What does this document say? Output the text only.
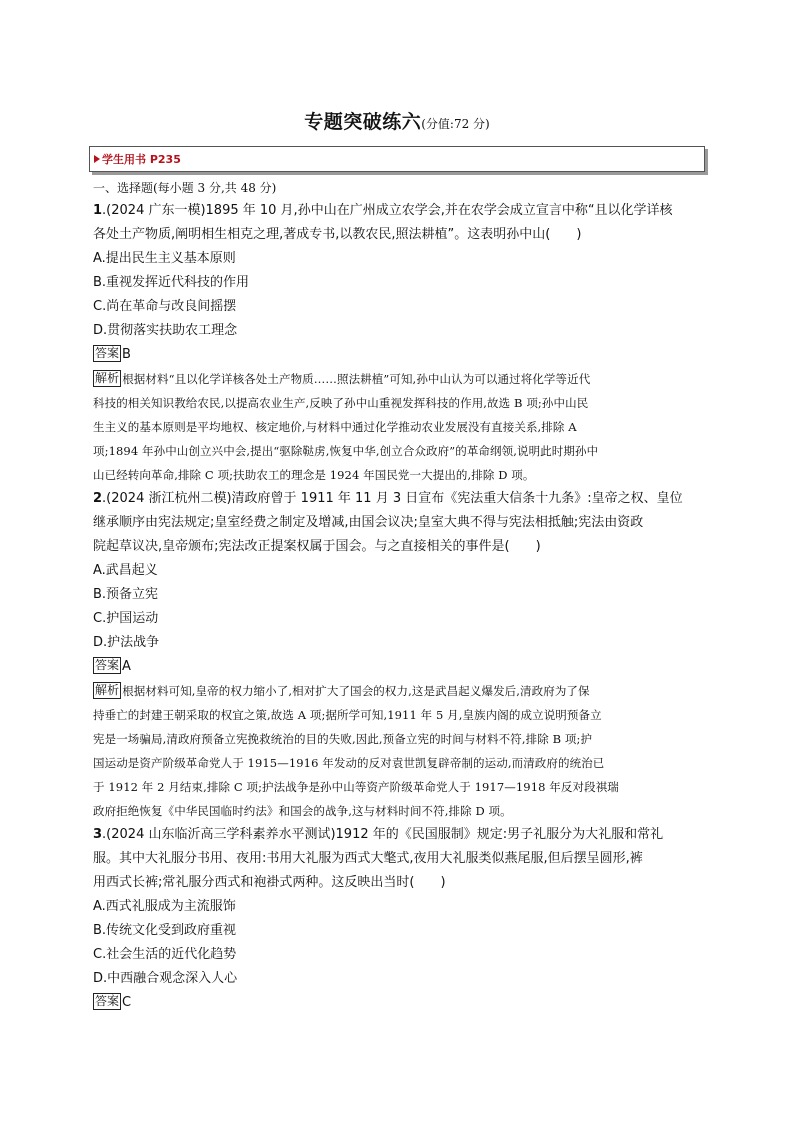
专题突破练六(分值:72 分)
学生用书 P235
一、选择题(每小题 3 分,共 48 分)
1.(2024 广东一模)1895 年 10 月,孙中山在广州成立农学会,并在农学会成立宣言中称“且以化学详核
各处土产物质,阐明相生相克之理,著成专书,以教农民,照法耕植”。这表明孙中山(　　)
A.提出民生主义基本原则
B.重视发挥近代科技的作用
C.尚在革命与改良间摇摆
D.贯彻落实扶助农工理念
答案 B
解析 根据材料“且以化学详核各处土产物质……照法耕植”可知,孙中山认为可以通过将化学等近代
科技的相关知识教给农民,以提高农业生产,反映了孙中山重视发挥科技的作用,故选 B 项;孙中山民
生主义的基本原则是平均地权、核定地价,与材料中通过化学推动农业发展没有直接关系,排除 A
项;1894 年孙中山创立兴中会,提出“驱除鞑虏,恢复中华,创立合众政府”的革命纲领,说明此时期孙中
山已经转向革命,排除 C 项;扶助农工的理念是 1924 年国民党一大提出的,排除 D 项。
2.(2024 浙江杭州二模)清政府曾于 1911 年 11 月 3 日宣布《宪法重大信条十九条》:皇帝之权、皇位
继承顺序由宪法规定;皇室经费之制定及增减,由国会议决;皇室大典不得与宪法相抵触;宪法由资政
院起草议决,皇帝颁布;宪法改正提案权属于国会。与之直接相关的事件是(　　)
A.武昌起义
B.预备立宪
C.护国运动
D.护法战争
答案 A
解析 根据材料可知,皇帝的权力缩小了,相对扩大了国会的权力,这是武昌起义爆发后,清政府为了保
持垂亡的封建王朝采取的权宜之策,故选 A 项;据所学可知,1911 年 5 月,皇族内阁的成立说明预备立
宪是一场骗局,清政府预备立宪挽救统治的目的失败,因此,预备立宪的时间与材料不符,排除 B 项;护
国运动是资产阶级革命党人于 1915—1916 年发动的反对袁世凯复辟帝制的运动,而清政府的统治已
于 1912 年 2 月结束,排除 C 项;护法战争是孙中山等资产阶级革命党人于 1917—1918 年反对段祺瑞
政府拒绝恢复《中华民国临时约法》和国会的战争,这与材料时间不符,排除 D 项。
3.(2024 山东临沂高三学科素养水平测试)1912 年的《民国服制》规定:男子礼服分为大礼服和常礼
服。其中大礼服分书用、夜用:书用大礼服为西式大氅式,夜用大礼服类似燕尾服,但后摆呈圆形,裤
用西式长裤;常礼服分西式和袍褂式两种。这反映出当时(　　)
A.西式礼服成为主流服饰
B.传统文化受到政府重视
C.社会生活的近代化趋势
D.中西融合观念深入人心
答案 C
